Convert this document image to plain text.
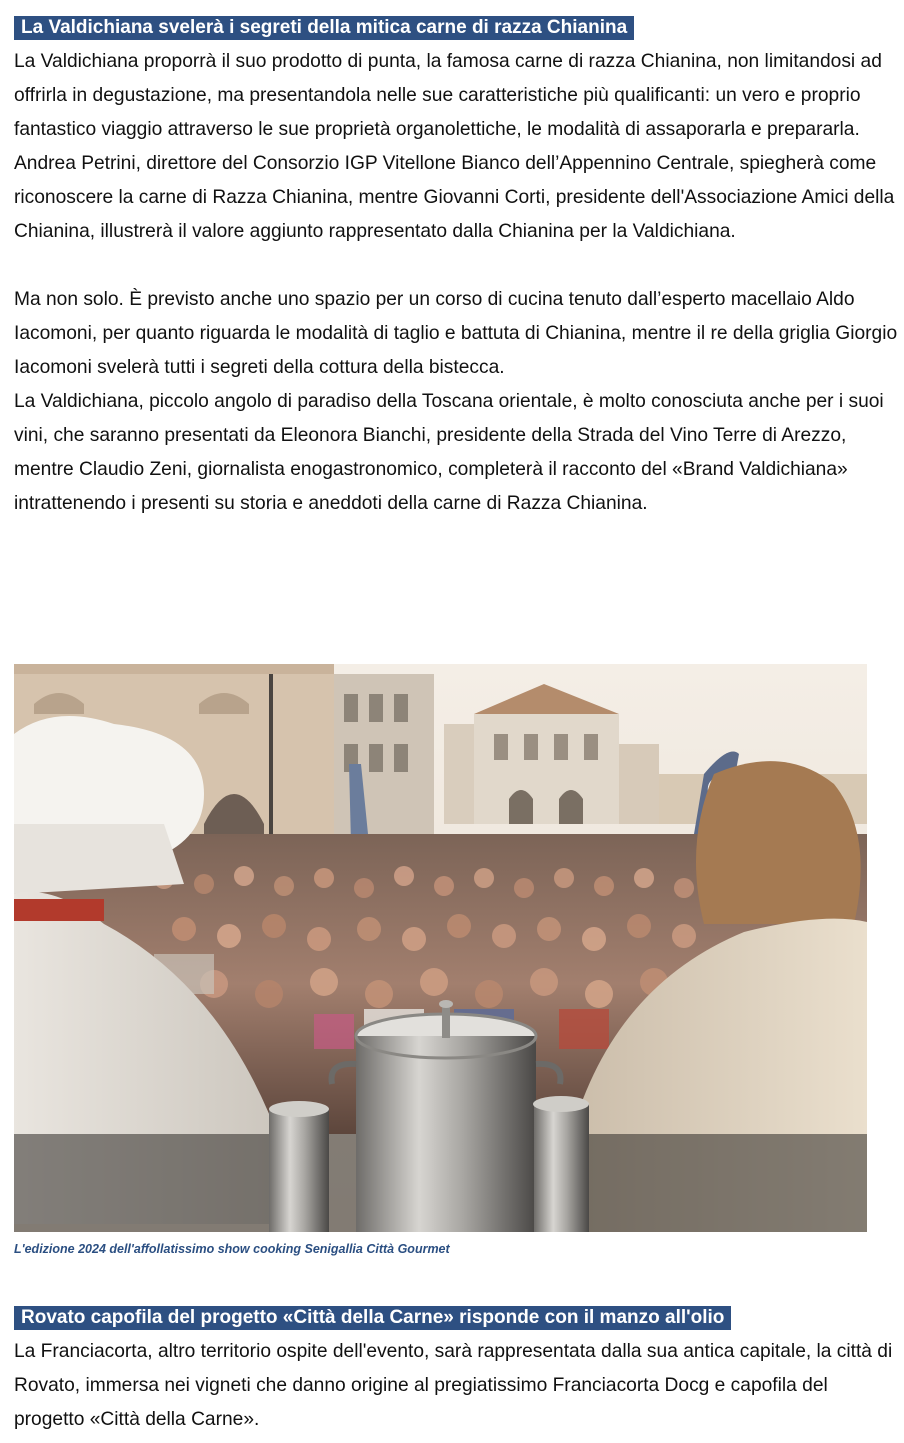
La Valdichiana svelerà i segreti della mitica carne di razza Chianina

La Valdichiana proporrà il suo prodotto di punta, la famosa carne di razza Chianina, non limitandosi ad offrirla in degustazione, ma presentandola nelle sue caratteristiche più qualificanti: un vero e proprio fantastico viaggio attraverso le sue proprietà organolettiche, le modalità di assaporarla e prepararla.

Andrea Petrini, direttore del Consorzio IGP Vitellone Bianco dell’Appennino Centrale, spiegherà come riconoscere la carne di Razza Chianina, mentre Giovanni Corti, presidente dell'Associazione Amici della Chianina, illustrerà il valore aggiunto rappresentato dalla Chianina per la Valdichiana.

Ma non solo. È previsto anche uno spazio per un corso di cucina tenuto dall’esperto macellaio Aldo Iacomoni, per quanto riguarda le modalità di taglio e battuta di Chianina, mentre il re della griglia Giorgio Iacomoni svelerà tutti i segreti della cottura della bistecca.

La Valdichiana, piccolo angolo di paradiso della Toscana orientale, è molto conosciuta anche per i suoi vini, che saranno presentati da Eleonora Bianchi, presidente della Strada del Vino Terre di Arezzo, mentre Claudio Zeni, giornalista enogastronomico, completerà il racconto del «Brand Valdichiana» intrattenendo i presenti su storia e aneddoti della carne di Razza Chianina.

L'edizione 2024 dell'affollatissimo show cooking Senigallia Città Gourmet
Rovato capofila del progetto «Città della Carne» risponde con il manzo all'olio

La Franciacorta, altro territorio ospite dell'evento, sarà rappresentata dalla sua antica capitale, la città di Rovato, immersa nei vigneti che danno origine al pregiatissimo Franciacorta Docg e capofila del progetto «Città della Carne».
